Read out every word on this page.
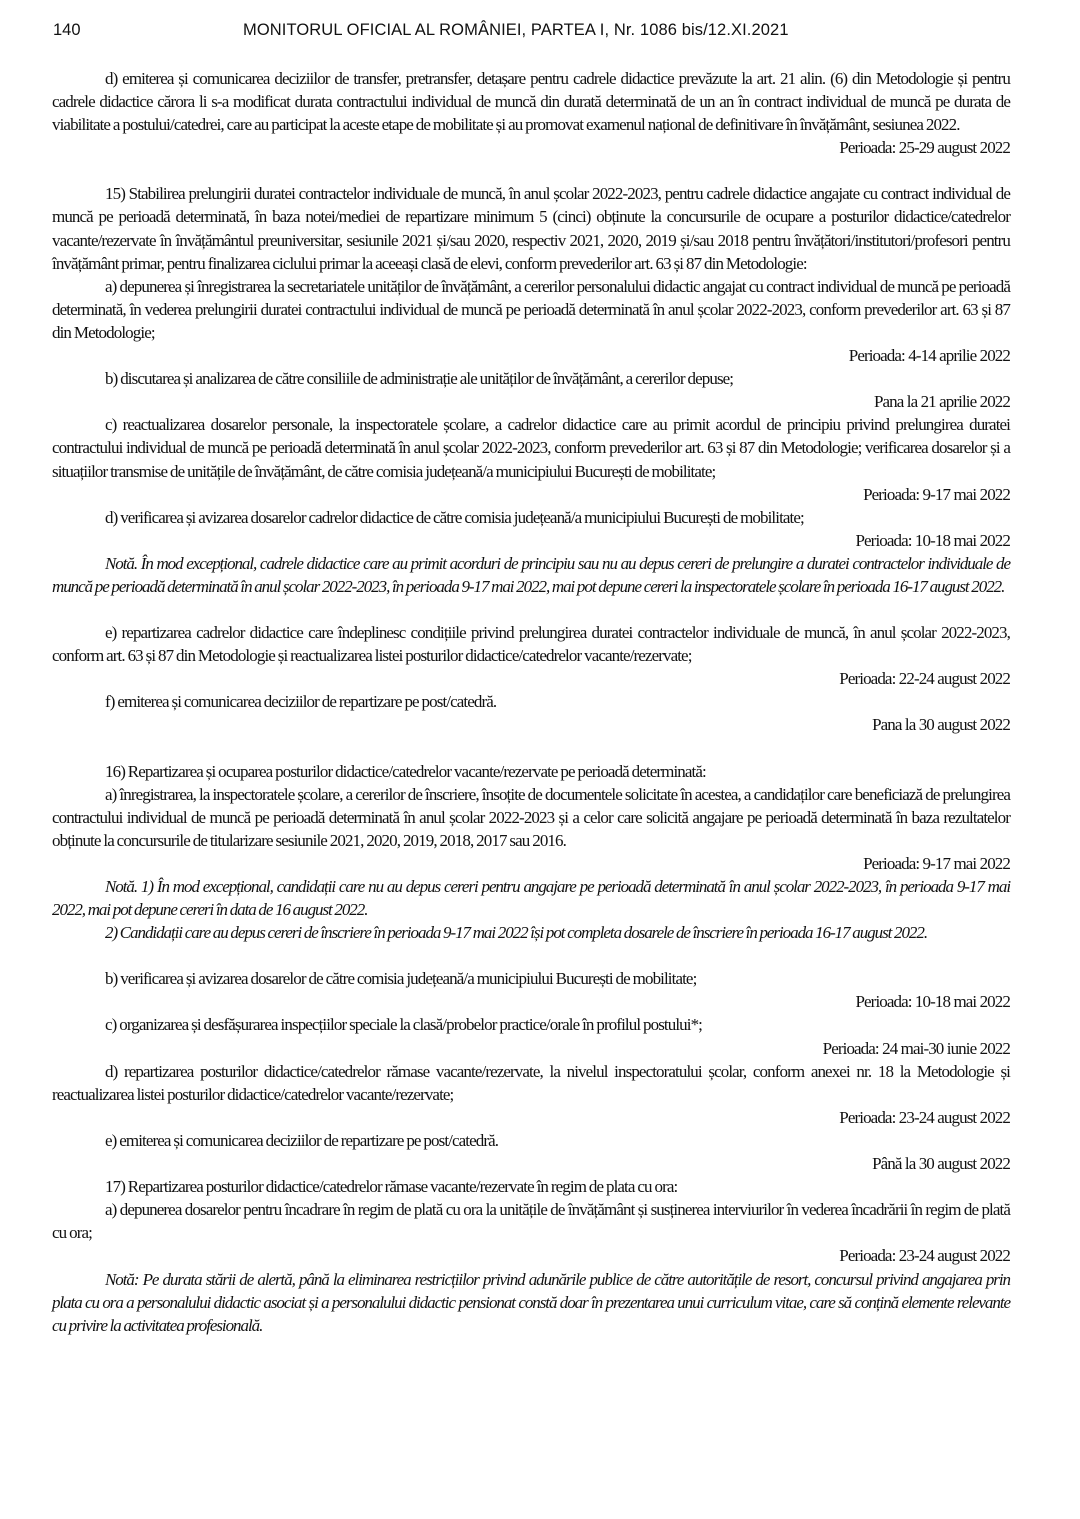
140	MONITORUL OFICIAL AL ROMÂNIEI, PARTEA I, Nr. 1086 bis/12.XI.2021

d) emiterea și comunicarea deciziilor de transfer, pretransfer, detașare pentru cadrele didactice prevăzute la art. 21 alin. (6) din Metodologie și pentru cadrele didactice cărora li s-a modificat durata contractului individual de muncă din durată determinată de un an în contract individual de muncă pe durata de viabilitate a postului/catedrei, care au participat la aceste etape de mobilitate și au promovat examenul național de definitivare în învățământ, sesiunea 2022.

Perioada: 25-29 august 2022

15) Stabilirea prelungirii duratei contractelor individuale de muncă, în anul școlar 2022-2023, pentru cadrele didactice angajate cu contract individual de muncă pe perioadă determinată, în baza notei/mediei de repartizare minimum 5 (cinci) obținute la concursurile de ocupare a posturilor didactice/catedrelor vacante/rezervate în învățământul preuniversitar, sesiunile 2021 și/sau 2020, respectiv 2021, 2020, 2019 și/sau 2018 pentru învățători/institutori/profesori pentru învățământ primar, pentru finalizarea ciclului primar la aceeași clasă de elevi, conform prevederilor art. 63 și 87 din Metodologie:

a) depunerea și înregistrarea la secretariatele unităților de învățământ, a cererilor personalului didactic angajat cu contract individual de muncă pe perioadă determinată, în vederea prelungirii duratei contractului individual de muncă pe perioadă determinată în anul școlar 2022-2023, conform prevederilor art. 63 și 87 din Metodologie;

Perioada: 4-14 aprilie 2022

b) discutarea și analizarea de către consiliile de administrație ale unităților de învățământ, a cererilor depuse;

Pana la 21 aprilie 2022

c) reactualizarea dosarelor personale, la inspectoratele școlare, a cadrelor didactice care au primit acordul de principiu privind prelungirea duratei contractului individual de muncă pe perioadă determinată în anul școlar 2022-2023, conform prevederilor art. 63 și 87 din Metodologie; verificarea dosarelor și a situațiilor transmise de unitățile de învățământ, de către comisia județeană/a municipiului București de mobilitate;

Perioada: 9-17 mai 2022

d) verificarea și avizarea dosarelor cadrelor didactice de către comisia județeană/a municipiului București de mobilitate;

Perioada: 10-18 mai 2022

Notă. În mod excepțional, cadrele didactice care au primit acorduri de principiu sau nu au depus cereri de prelungire a duratei contractelor individuale de muncă pe perioadă determinată în anul școlar 2022-2023, în perioada 9-17 mai 2022, mai pot depune cereri la inspectoratele școlare în perioada 16-17 august 2022.

e) repartizarea cadrelor didactice care îndeplinesc condițiile privind prelungirea duratei contractelor individuale de muncă, în anul școlar 2022-2023, conform art. 63 și 87 din Metodologie și reactualizarea listei posturilor didactice/catedrelor vacante/rezervate;

Perioada: 22-24 august 2022

f) emiterea și comunicarea deciziilor de repartizare pe post/catedră.

Pana la 30 august 2022

16) Repartizarea și ocuparea posturilor didactice/catedrelor vacante/rezervate pe perioadă determinată:

a) înregistrarea, la inspectoratele școlare, a cererilor de înscriere, însoțite de documentele solicitate în acestea, a candidaților care beneficiază de prelungirea contractului individual de muncă pe perioadă determinată în anul școlar 2022-2023 și a celor care solicită angajare pe perioadă determinată în baza rezultatelor obținute la concursurile de titularizare sesiunile 2021, 2020, 2019, 2018, 2017 sau 2016.

Perioada: 9-17 mai 2022

Notă. 1) În mod excepțional, candidații care nu au depus cereri pentru angajare pe perioadă determinată în anul școlar 2022-2023, în perioada 9-17 mai 2022, mai pot depune cereri în data de 16 august 2022.

2) Candidații care au depus cereri de înscriere în perioada 9-17 mai 2022 își pot completa dosarele de înscriere în perioada 16-17 august 2022.

b) verificarea și avizarea dosarelor de către comisia județeană/a municipiului București de mobilitate;

Perioada: 10-18 mai 2022

c) organizarea și desfășurarea inspecțiilor speciale la clasă/probelor practice/orale în profilul postului*;

Perioada: 24 mai-30 iunie 2022

d) repartizarea posturilor didactice/catedrelor rămase vacante/rezervate, la nivelul inspectoratului școlar, conform anexei nr. 18 la Metodologie și reactualizarea listei posturilor didactice/catedrelor vacante/rezervate;

Perioada: 23-24 august 2022

e) emiterea și comunicarea deciziilor de repartizare pe post/catedră.

Până la 30 august 2022

17) Repartizarea posturilor didactice/catedrelor rămase vacante/rezervate în regim de plata cu ora:

a) depunerea dosarelor pentru încadrare în regim de plată cu ora la unitățile de învățământ și susținerea interviurilor în vederea încadrării în regim de plată cu ora;

Perioada: 23-24 august 2022

Notă: Pe durata stării de alertă, până la eliminarea restricțiilor privind adunările publice de către autoritățile de resort, concursul privind angajarea prin plata cu ora a personalului didactic asociat și a personalului didactic pensionat constă doar în prezentarea unui curriculum vitae, care să conțină elemente relevante cu privire la activitatea profesională.
